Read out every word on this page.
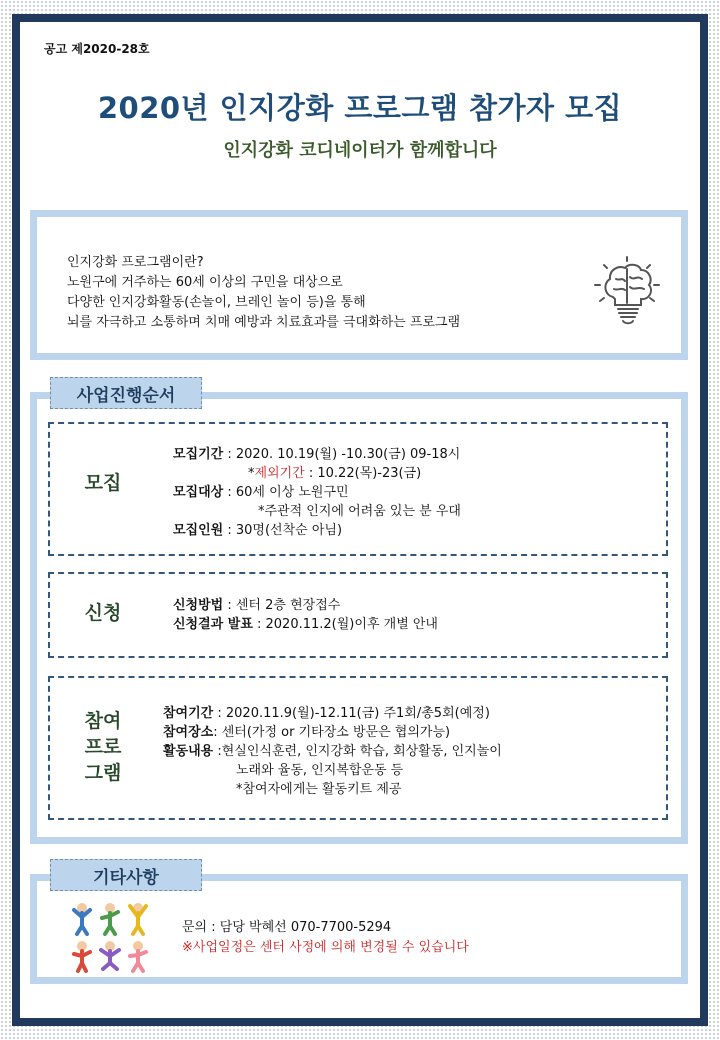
공고 제2020-28호
2020년 인지강화 프로그램 참가자 모집
인지강화 코디네이터가 함께합니다
인지강화 프로그램이란?
노원구에 거주하는 60세 이상의 구민을 대상으로
다양한 인지강화활동(손놀이, 브레인 놀이 등)을 통해
뇌를 자극하고 소통하며 치매 예방과 치료효과를 극대화하는 프로그램
사업진행순서
모집
모집기간 : 2020. 10.19(월) -10.30(금) 09-18시
*제외기간 : 10.22(목)-23(금)
모집대상 : 60세 이상 노원구민
*주관적 인지에 어려움 있는 분 우대
모집인원 : 30명(선착순 아님)
신청	신청방법 : 센터 2층 현장접수
신청결과 발표 : 2020.11.2(월)이후 개별 안내
참여
프로
그램
참여기간 : 2020.11.9(월)-12.11(금) 주1회/총5회(예정)
참여장소: 센터(가정 or 기타장소 방문은 협의가능)
활동내용 :현실인식훈련, 인지강화 학습, 회상활동, 인지놀이
노래와 율동, 인지복합운동 등
*참여자에게는 활동키트 제공
기타사항
문의 : 담당 박혜선 070-7700-5294
※사업일정은 센터 사정에 의해 변경될 수 있습니다
